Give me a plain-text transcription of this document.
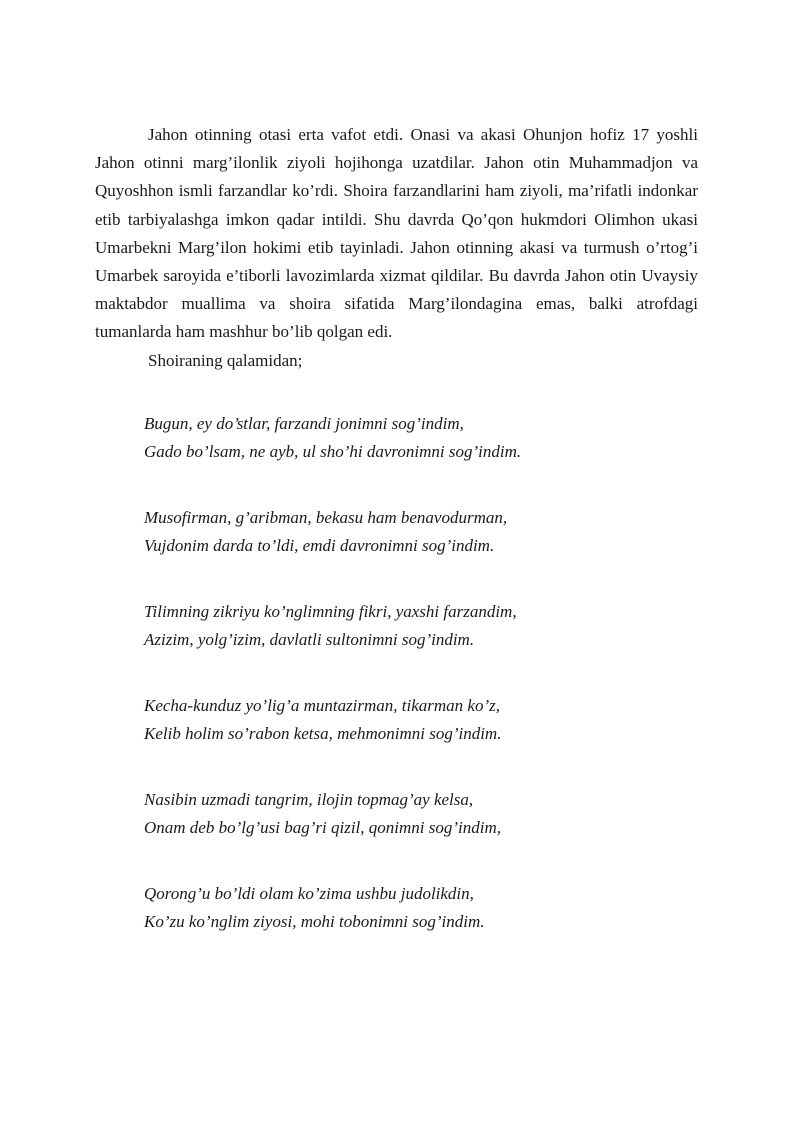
Jahon otinning otasi erta vafot etdi. Onasi va akasi Ohunjon hofiz 17 yoshli Jahon otinni marg’ilonlik ziyoli hojihonga uzatdilar. Jahon otin Muhammadjon va Quyoshhon ismli farzandlar ko’rdi. Shoira farzandlarini ham ziyoli, ma’rifatli indonkar etib tarbiyalashga imkon qadar intildi. Shu davrda Qo’qon hukmdori Olimhon ukasi Umarbekni Marg’ilon hokimi etib tayinladi. Jahon otinning akasi va turmush o’rtog’i Umarbek saroyida e’tiborli lavozimlarda xizmat qildilar. Bu davrda Jahon otin Uvaysiy maktabdor muallima va shoira sifatida Marg’ilondagina emas, balki atrofdagi tumanlarda ham mashhur bo’lib qolgan edi.

Shoiraning qalamidan;

Bugun, ey do’stlar, farzandi jonimni sog’indim,
Gado bo’lsam, ne ayb, ul sho’hi davronimni sog’indim.
Musofirman, g’aribman, bekasu ham benavodurman,
Vujdonim darda to’ldi, emdi davronimni sog’indim.
Tilimning zikriyu ko’nglimning fikri, yaxshi farzandim,
Azizim, yolg’izim, davlatli sultonimni sog’indim.
Kecha-kunduz yo’lig’a muntazirman, tikarman ko’z,
Kelib holim so’rabon ketsa, mehmonimni sog’indim.
Nasibin uzmadi tangrim, ilojin topmag’ay kelsa,
Onam deb bo’lg’usi bag’ri qizil, qonimni sog’indim,
Qorong’u bo’ldi olam ko’zima ushbu judolikdin,
Ko’zu ko’nglim ziyosi, mohi tobonimni sog’indim.
